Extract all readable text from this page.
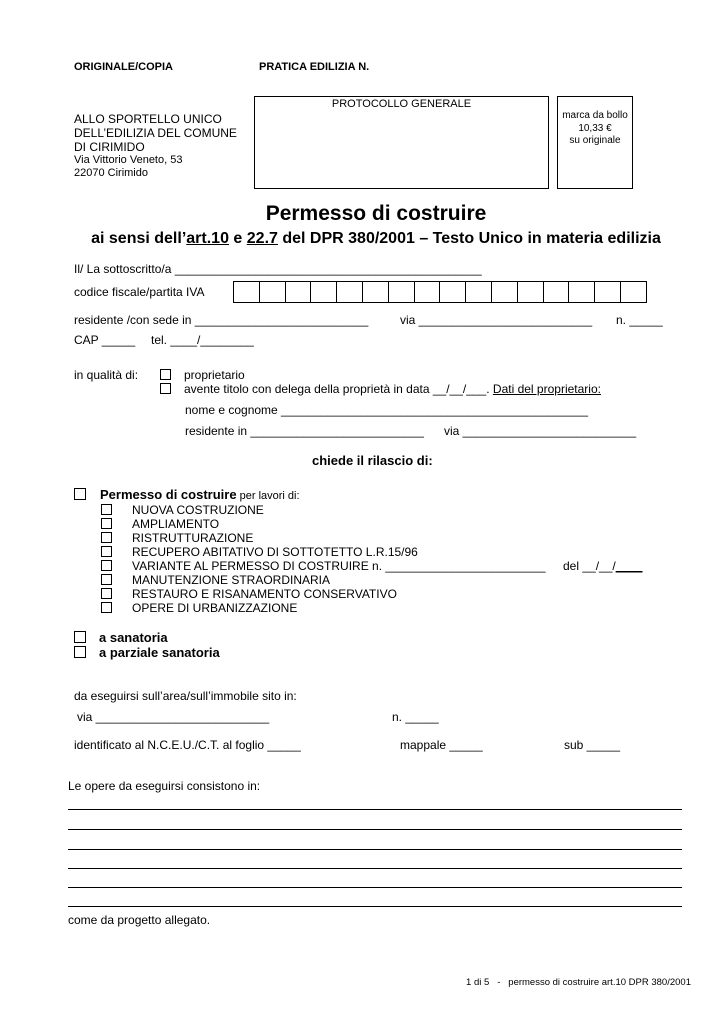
ORIGINALE/COPIA	PRATICA EDILIZIA N.
ALLO SPORTELLO UNICO
DELL’EDILIZIA DEL COMUNE
DI CIRIMIDO
Via Vittorio Veneto, 53
22070 Cirimido
PROTOCOLLO GENERALE
marca da bollo
10,33 €
su originale
Permesso di costruire
ai sensi dell’art.10 e 22.7 del DPR 380/2001 – Testo Unico in materia edilizia
Il/ La sottoscritto/a ______________________________________________
codice fiscale/partita IVA
residente /con sede in __________________________	via __________________________ n. _____
CAP _____ tel. ____/________
in qualità di:	proprietario
avente titolo con delega della proprietà in data __/__/___. Dati del proprietario:
nome e cognome ______________________________________________
residente in __________________________ via __________________________
chiede il rilascio di:
Permesso di costruire per lavori di:
NUOVA COSTRUZIONE
AMPLIAMENTO
RISTRUTTURAZIONE
RECUPERO ABITATIVO DI SOTTOTETTO L.R.15/96
VARIANTE AL PERMESSO DI COSTRUIRE n. ________________________ del __/__/____
MANUTENZIONE STRAORDINARIA
RESTAURO E RISANAMENTO CONSERVATIVO
OPERE DI URBANIZZAZIONE
a sanatoria
a parziale sanatoria
da eseguirsi sull’area/sull’immobile sito in:
via __________________________	n. _____
identificato al N.C.E.U./C.T. al foglio _____	mappale _____	sub _____
Le opere da eseguirsi consistono in:
come da progetto allegato.
1 di 5   -   permesso di costruire art.10 DPR 380/2001
